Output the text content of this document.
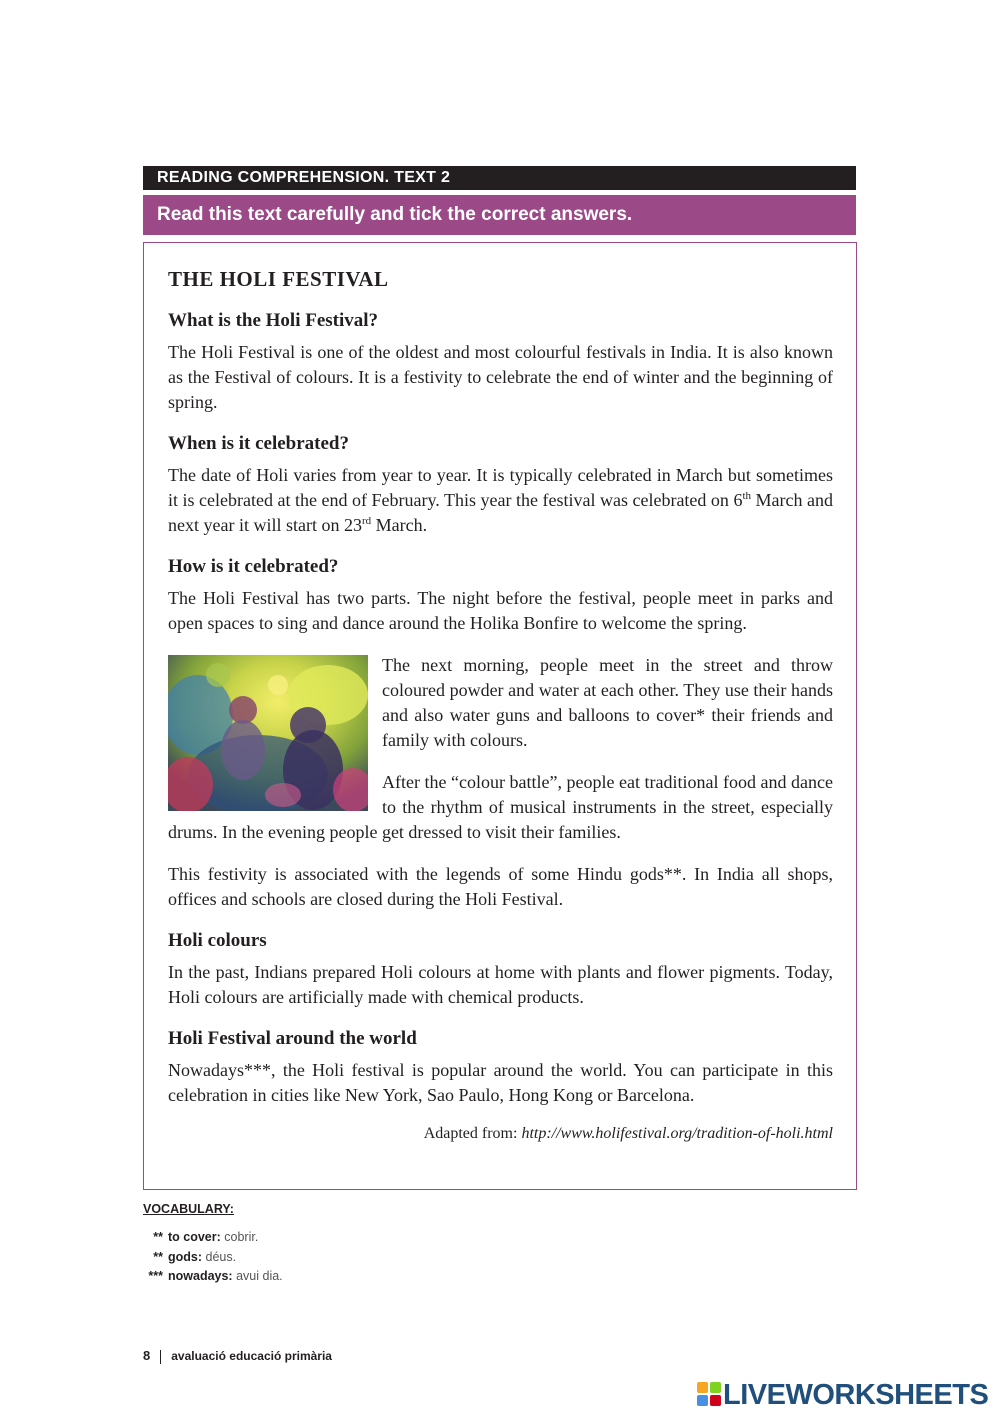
READING COMPREHENSION. TEXT 2
Read this text carefully and tick the correct answers.
THE HOLI FESTIVAL
What is the Holi Festival?

The Holi Festival is one of the oldest and most colourful festivals in India. It is also known as the Festival of colours. It is a festivity to celebrate the end of winter and the beginning of spring.

When is it celebrated?

The date of Holi varies from year to year. It is typically celebrated in March but sometimes it is celebrated at the end of February. This year the festival was celebrated on 6th March and next year it will start on 23rd March.

How is it celebrated?

The Holi Festival has two parts. The night before the festival, people meet in parks and open spaces to sing and dance around the Holika Bonfire to welcome the spring.

The next morning, people meet in the street and throw coloured powder and water at each other. They use their hands and also water guns and balloons to cover* their friends and family with colours.

After the “colour battle”, people eat traditional food and dance to the rhythm of musical instruments in the street, especially drums. In the evening people get dressed to visit their families.

This festivity is associated with the legends of some Hindu gods**. In India all shops, offices and schools are closed during the Holi Festival.

Holi colours

In the past, Indians prepared Holi colours at home with plants and flower pigments. Today, Holi colours are artificially made with chemical products.

Holi Festival around the world

Nowadays***, the Holi festival is popular around the world. You can participate in this celebration in cities like New York, Sao Paulo, Hong Kong or Barcelona.

Adapted from: http://www.holifestival.org/tradition-of-holi.html
VOCABULARY:
** to cover: cobrir.
** gods: déus.
*** nowadays: avui dia.
8 avaluació educació primària
LIVEWORKSHEETS
